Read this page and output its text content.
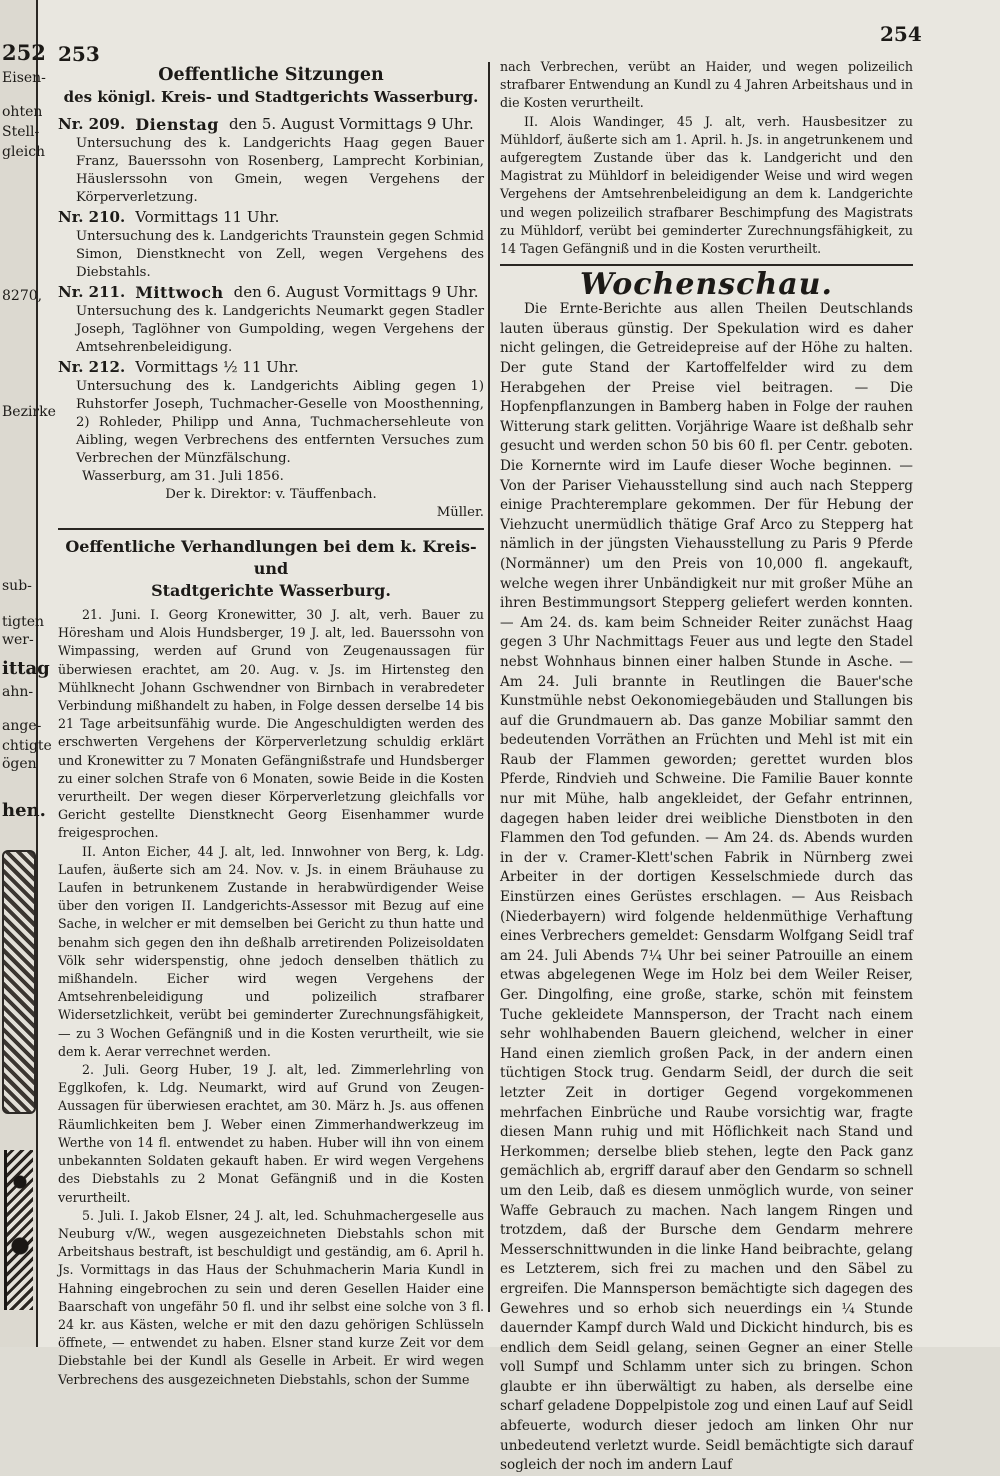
252
Eisen-
ohten
Stell-
gleich
8270,
Bezirke
sub-
tigten
wer-
ittag
ahn-
ange-
chtigte
ögen
hen.
253
254
Oeffentliche Sitzungen
des königl. Kreis- und Stadtgerichts Wasserburg.
Nr. 209. Dienstag den 5. August Vormittags 9 Uhr.

Untersuchung des k. Landgerichts Haag gegen Bauer Franz, Bauerssohn von Rosenberg, Lamprecht Korbinian, Häuslerssohn von Gmein, wegen Vergehens der Körperverletzung.

Nr. 210. Vormittags 11 Uhr.

Untersuchung des k. Landgerichts Traunstein gegen Schmid Simon, Dienstknecht von Zell, wegen Vergehens des Diebstahls.

Nr. 211. Mittwoch den 6. August Vormittags 9 Uhr.

Untersuchung des k. Landgerichts Neumarkt gegen Stadler Joseph, Taglöhner von Gumpolding, wegen Vergehens der Amtsehrenbeleidigung.

Nr. 212. Vormittags ½ 11 Uhr.

Untersuchung des k. Landgerichts Aibling gegen 1) Ruhstorfer Joseph, Tuchmacher-Geselle von Moosthenning, 2) Rohleder, Philipp und Anna, Tuchmachersehleute von Aibling, wegen Verbrechens des entfernten Versuches zum Verbrechen der Münzfälschung.

Wasserburg, am 31. Juli 1856.

Der k. Direktor: v. Täuffenbach.

Müller.

Oeffentliche Verhandlungen bei dem k. Kreis- und
Stadtgerichte Wasserburg.

21. Juni. I. Georg Kronewitter, 30 J. alt, verh. Bauer zu Höresham und Alois Hundsberger, 19 J. alt, led. Bauerssohn von Wimpassing, werden auf Grund von Zeugenaussagen für überwiesen erachtet, am 20. Aug. v. Js. im Hirtensteg den Mühlknecht Johann Gschwendner von Birnbach in verabredeter Verbindung mißhandelt zu haben, in Folge dessen derselbe 14 bis 21 Tage arbeitsunfähig wurde. Die Angeschuldigten werden des erschwerten Vergehens der Körperverletzung schuldig erklärt und Kronewitter zu 7 Monaten Gefängnißstrafe und Hundsberger zu einer solchen Strafe von 6 Monaten, sowie Beide in die Kosten verurtheilt. Der wegen dieser Körperverletzung gleichfalls vor Gericht gestellte Dienstknecht Georg Eisenhammer wurde freigesprochen.

II. Anton Eicher, 44 J. alt, led. Innwohner von Berg, k. Ldg. Laufen, äußerte sich am 24. Nov. v. Js. in einem Bräuhause zu Laufen in betrunkenem Zustande in herabwürdigender Weise über den vorigen II. Landgerichts-Assessor mit Bezug auf eine Sache, in welcher er mit demselben bei Gericht zu thun hatte und benahm sich gegen den ihn deßhalb arretirenden Polizeisoldaten Völk sehr widerspenstig, ohne jedoch denselben thätlich zu mißhandeln. Eicher wird wegen Vergehens der Amtsehrenbeleidigung und polizeilich strafbarer Widersetzlichkeit, verübt bei geminderter Zurechnungsfähigkeit, — zu 3 Wochen Gefängniß und in die Kosten verurtheilt, wie sie dem k. Aerar verrechnet werden.

2. Juli. Georg Huber, 19 J. alt, led. Zimmerlehrling von Egglkofen, k. Ldg. Neumarkt, wird auf Grund von Zeugen-Aussagen für überwiesen erachtet, am 30. März h. Js. aus offenen Räumlichkeiten bem J. Weber einen Zimmerhandwerkzeug im Werthe von 14 fl. entwendet zu haben. Huber will ihn von einem unbekannten Soldaten gekauft haben. Er wird wegen Vergehens des Diebstahls zu 2 Monat Gefängniß und in die Kosten verurtheilt.

5. Juli. I. Jakob Elsner, 24 J. alt, led. Schuhmachergeselle aus Neuburg v/W., wegen ausgezeichneten Diebstahls schon mit Arbeitshaus bestraft, ist beschuldigt und geständig, am 6. April h. Js. Vormittags in das Haus der Schuhmacherin Maria Kundl in Hahning eingebrochen zu sein und deren Gesellen Haider eine Baarschaft von ungefähr 50 fl. und ihr selbst eine solche von 3 fl. 24 kr. aus Kästen, welche er mit den dazu gehörigen Schlüsseln öffnete, — entwendet zu haben. Elsner stand kurze Zeit vor dem Diebstahle bei der Kundl als Geselle in Arbeit. Er wird wegen Verbrechens des ausgezeichneten Diebstahls, schon der Summe

nach Verbrechen, verübt an Haider, und wegen polizeilich strafbarer Entwendung an Kundl zu 4 Jahren Arbeitshaus und in die Kosten verurtheilt.

II. Alois Wandinger, 45 J. alt, verh. Hausbesitzer zu Mühldorf, äußerte sich am 1. April. h. Js. in angetrunkenem und aufgeregtem Zustande über das k. Landgericht und den Magistrat zu Mühldorf in beleidigender Weise und wird wegen Vergehens der Amtsehrenbeleidigung an dem k. Landgerichte und wegen polizeilich strafbarer Beschimpfung des Magistrats zu Mühldorf, verübt bei geminderter Zurechnungsfähigkeit, zu 14 Tagen Gefängniß und in die Kosten verurtheilt.

Wochenschau.

Die Ernte-Berichte aus allen Theilen Deutschlands lauten überaus günstig. Der Spekulation wird es daher nicht gelingen, die Getreidepreise auf der Höhe zu halten. Der gute Stand der Kartoffelfelder wird zu dem Herabgehen der Preise viel beitragen. — Die Hopfenpflanzungen in Bamberg haben in Folge der rauhen Witterung stark gelitten. Vorjährige Waare ist deßhalb sehr gesucht und werden schon 50 bis 60 fl. per Centr. geboten. Die Kornernte wird im Laufe dieser Woche beginnen. — Von der Pariser Viehausstellung sind auch nach Stepperg einige Prachteremplare gekommen. Der für Hebung der Viehzucht unermüdlich thätige Graf Arco zu Stepperg hat nämlich in der jüngsten Viehausstellung zu Paris 9 Pferde (Normänner) um den Preis von 10,000 fl. angekauft, welche wegen ihrer Unbändigkeit nur mit großer Mühe an ihren Bestimmungsort Stepperg geliefert werden konnten. — Am 24. ds. kam beim Schneider Reiter zunächst Haag gegen 3 Uhr Nachmittags Feuer aus und legte den Stadel nebst Wohnhaus binnen einer halben Stunde in Asche. — Am 24. Juli brannte in Reutlingen die Bauer'sche Kunstmühle nebst Oekonomiegebäuden und Stallungen bis auf die Grundmauern ab. Das ganze Mobiliar sammt den bedeutenden Vorräthen an Früchten und Mehl ist mit ein Raub der Flammen geworden; gerettet wurden blos Pferde, Rindvieh und Schweine. Die Familie Bauer konnte nur mit Mühe, halb angekleidet, der Gefahr entrinnen, dagegen haben leider drei weibliche Dienstboten in den Flammen den Tod gefunden. — Am 24. ds. Abends wurden in der v. Cramer-Klett'schen Fabrik in Nürnberg zwei Arbeiter in der dortigen Kesselschmiede durch das Einstürzen eines Gerüstes erschlagen. — Aus Reisbach (Niederbayern) wird folgende heldenmüthige Verhaftung eines Verbrechers gemeldet: Gensdarm Wolfgang Seidl traf am 24. Juli Abends 7¼ Uhr bei seiner Patrouille an einem etwas abgelegenen Wege im Holz bei dem Weiler Reiser, Ger. Dingolfing, eine große, starke, schön mit feinstem Tuche gekleidete Mannsperson, der Tracht nach einem sehr wohlhabenden Bauern gleichend, welcher in einer Hand einen ziemlich großen Pack, in der andern einen tüchtigen Stock trug. Gendarm Seidl, der durch die seit letzter Zeit in dortiger Gegend vorgekommenen mehrfachen Einbrüche und Raube vorsichtig war, fragte diesen Mann ruhig und mit Höflichkeit nach Stand und Herkommen; derselbe blieb stehen, legte den Pack ganz gemächlich ab, ergriff darauf aber den Gendarm so schnell um den Leib, daß es diesem unmöglich wurde, von seiner Waffe Gebrauch zu machen. Nach langem Ringen und trotzdem, daß der Bursche dem Gendarm mehrere Messerschnittwunden in die linke Hand beibrachte, gelang es Letzterem, sich frei zu machen und den Säbel zu ergreifen. Die Mannsperson bemächtigte sich dagegen des Gewehres und so erhob sich neuerdings ein ¼ Stunde dauernder Kampf durch Wald und Dickicht hindurch, bis es endlich dem Seidl gelang, seinen Gegner an einer Stelle voll Sumpf und Schlamm unter sich zu bringen. Schon glaubte er ihn überwältigt zu haben, als derselbe eine scharf geladene Doppelpistole zog und einen Lauf auf Seidl abfeuerte, wodurch dieser jedoch am linken Ohr nur unbedeutend verletzt wurde. Seidl bemächtigte sich darauf sogleich der noch im andern Lauf
